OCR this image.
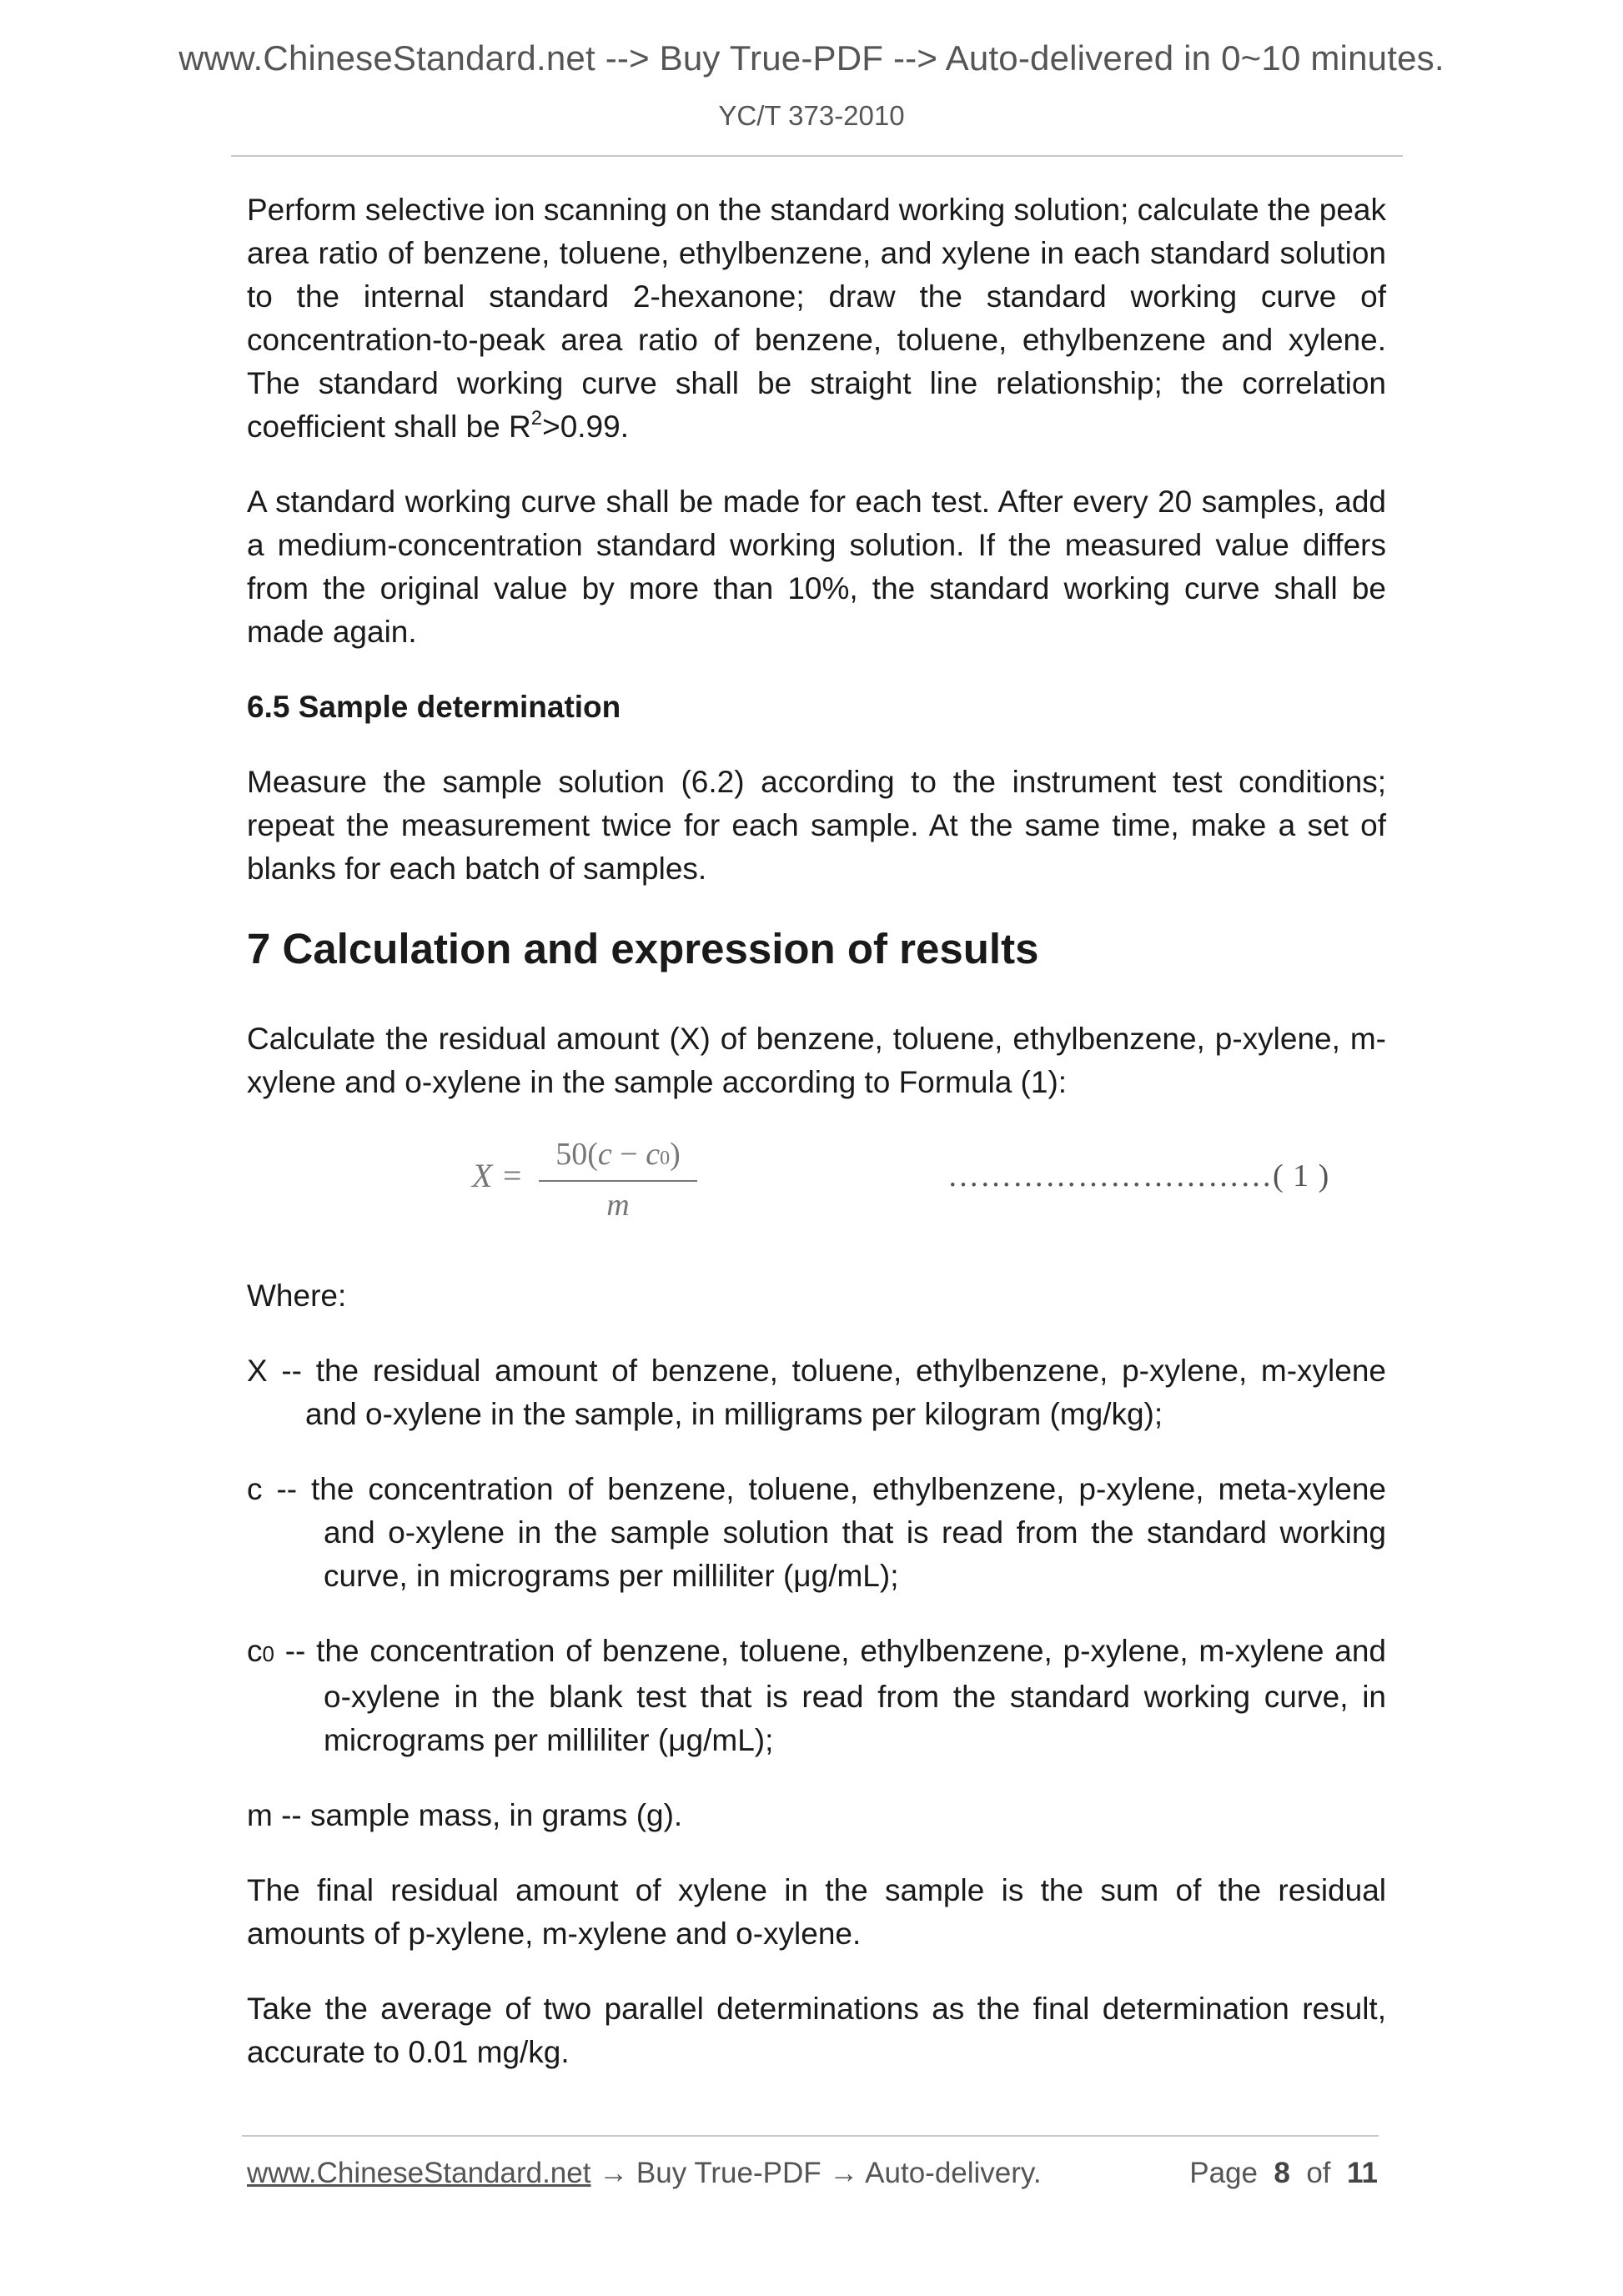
www.ChineseStandard.net --> Buy True-PDF --> Auto-delivered in 0~10 minutes.
YC/T 373-2010

Perform selective ion scanning on the standard working solution; calculate the peak area ratio of benzene, toluene, ethylbenzene, and xylene in each standard solution to the internal standard 2-hexanone; draw the standard working curve of concentration-to-peak area ratio of benzene, toluene, ethylbenzene and xylene. The standard working curve shall be straight line relationship; the correlation coefficient shall be $R^2>0.99$.

A standard working curve shall be made for each test. After every 20 samples, add a medium-concentration standard working solution. If the measured value differs from the original value by more than 10%, the standard working curve shall be made again.

6.5 Sample determination

Measure the sample solution (6.2) according to the instrument test conditions; repeat the measurement twice for each sample. At the same time, make a set of blanks for each batch of samples.

7 Calculation and expression of results

Calculate the residual amount (X) of benzene, toluene, ethylbenzene, p-xylene, m-xylene and o-xylene in the sample according to Formula (1):

X =
50(c − c0)
m
…………………………( 1 )

Where:

X -- the residual amount of benzene, toluene, ethylbenzene, p-xylene, m-xylene and o-xylene in the sample, in milligrams per kilogram (mg/kg);

c -- the concentration of benzene, toluene, ethylbenzene, p-xylene, meta-xylene and o-xylene in the sample solution that is read from the standard working curve, in micrograms per milliliter (μg/mL);

c0 -- the concentration of benzene, toluene, ethylbenzene, p-xylene, m-xylene and o-xylene in the blank test that is read from the standard working curve, in micrograms per milliliter (μg/mL);

m -- sample mass, in grams (g).

The final residual amount of xylene in the sample is the sum of the residual amounts of p-xylene, m-xylene and o-xylene.

Take the average of two parallel determinations as the final determination result, accurate to 0.01 mg/kg.

www.ChineseStandard.net → Buy True-PDF → Auto-delivery.	Page 8 of 11
